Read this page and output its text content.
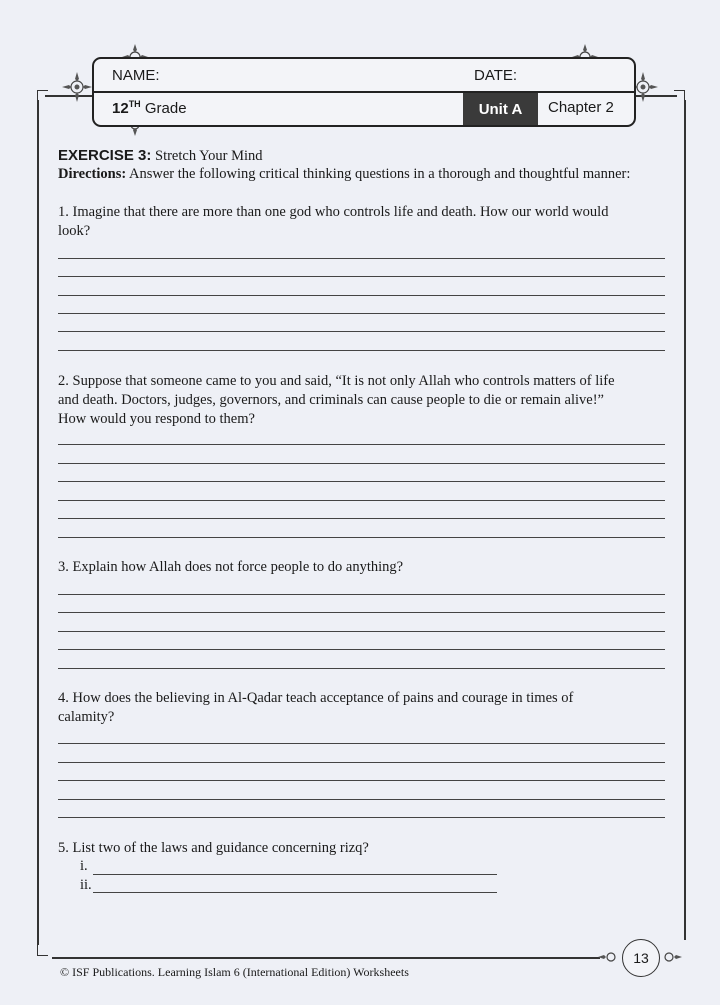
NAME:	DATE:
12TH Grade	Unit A	Chapter 2
EXERCISE 3: Stretch Your Mind
Directions: Answer the following critical thinking questions in a thorough and thoughtful manner:
1. Imagine that there are more than one god who controls life and death. How our world would
look?
2. Suppose that someone came to you and said, “It is not only Allah who controls matters of life
and death. Doctors, judges, governors, and criminals can cause people to die or remain alive!”
How would you respond to them?
3. Explain how Allah does not force people to do anything?
4. How does the believing in Al-Qadar teach acceptance of pains and courage in times of
calamity?
5. List two of the laws and guidance concerning rizq?
i.
ii.
© ISF Publications. Learning Islam 6 (International Edition) Worksheets
13
